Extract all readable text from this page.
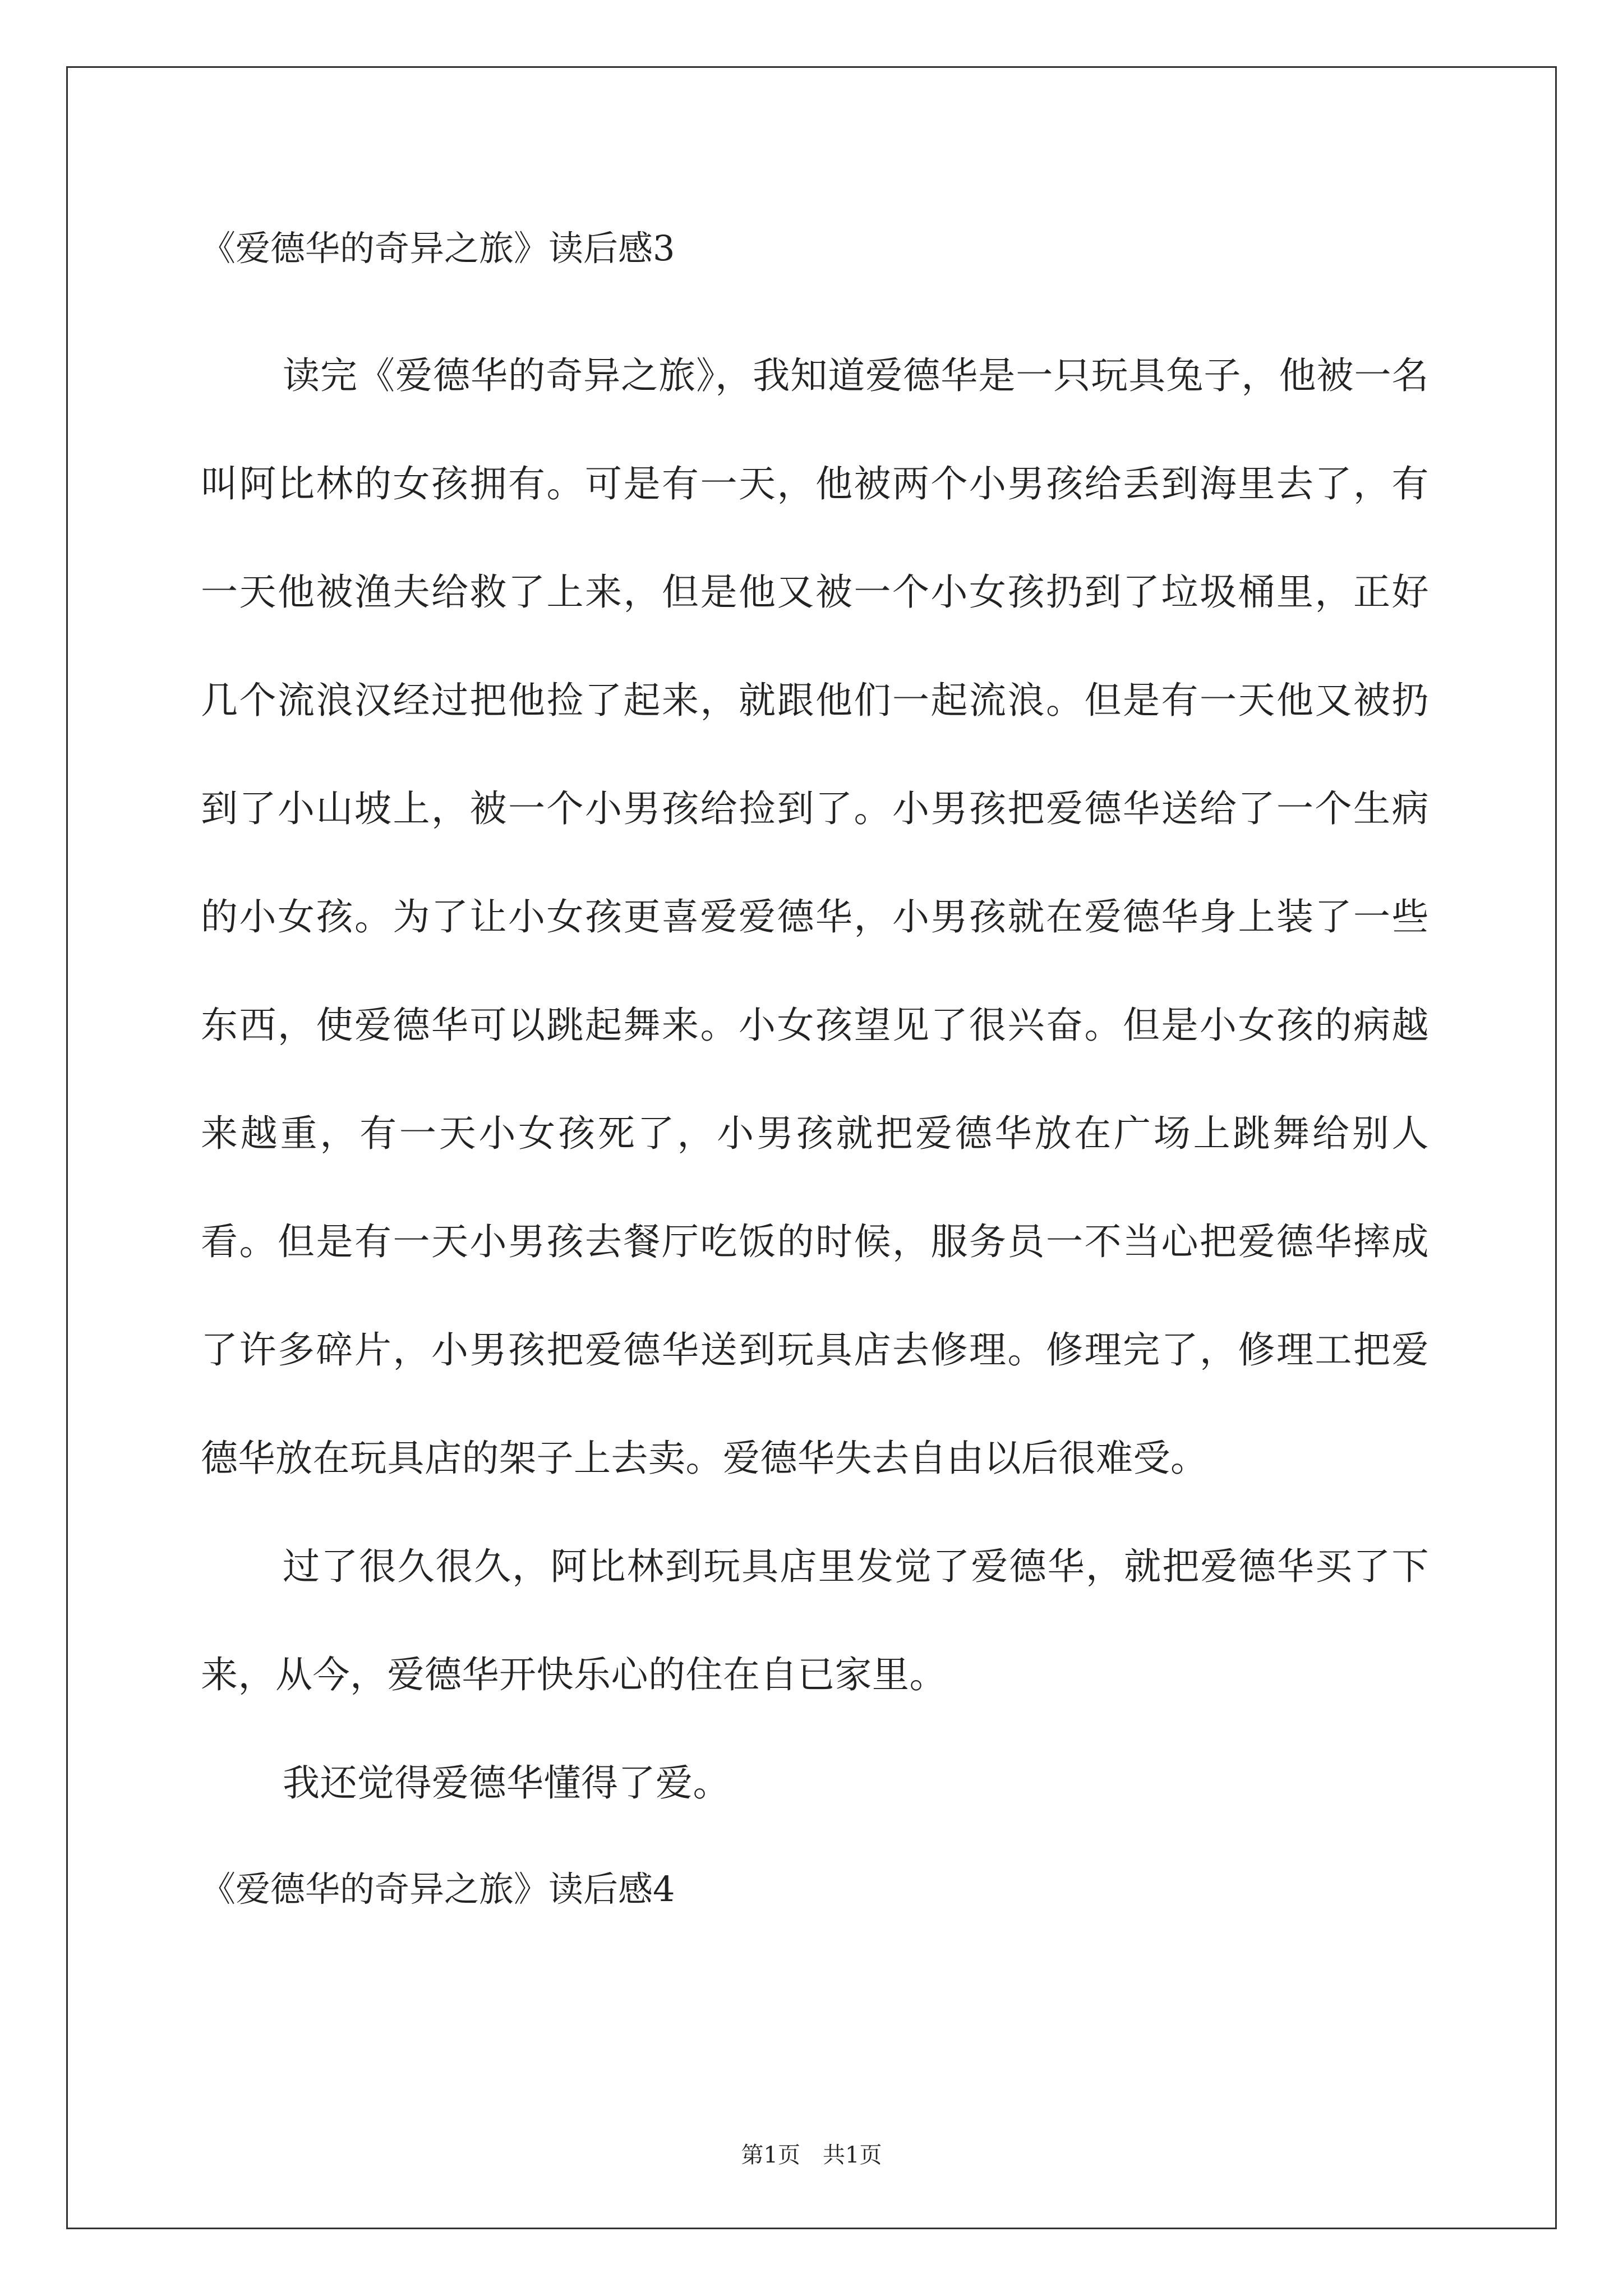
《爱德华的奇异之旅》读后感3

读完《爱德华的奇异之旅》，我知道爱德华是一只玩具兔子，他被一名叫阿比林的女孩拥有。可是有一天，他被两个小男孩给丢到海里去了，有一天他被渔夫给救了上来，但是他又被一个小女孩扔到了垃圾桶里，正好几个流浪汉经过把他捡了起来，就跟他们一起流浪。但是有一天他又被扔到了小山坡上，被一个小男孩给捡到了。小男孩把爱德华送给了一个生病的小女孩。为了让小女孩更喜爱爱德华，小男孩就在爱德华身上装了一些东西，使爱德华可以跳起舞来。小女孩望见了很兴奋。但是小女孩的病越来越重，有一天小女孩死了，小男孩就把爱德华放在广场上跳舞给别人看。但是有一天小男孩去餐厅吃饭的时候，服务员一不当心把爱德华摔成了许多碎片，小男孩把爱德华送到玩具店去修理。修理完了，修理工把爱德华放在玩具店的架子上去卖。爱德华失去自由以后很难受。

过了很久很久，阿比林到玩具店里发觉了爱德华，就把爱德华买了下来，从今，爱德华开快乐心的住在自已家里。

我还觉得爱德华懂得了爱。

《爱德华的奇异之旅》读后感4
第1页　共1页
